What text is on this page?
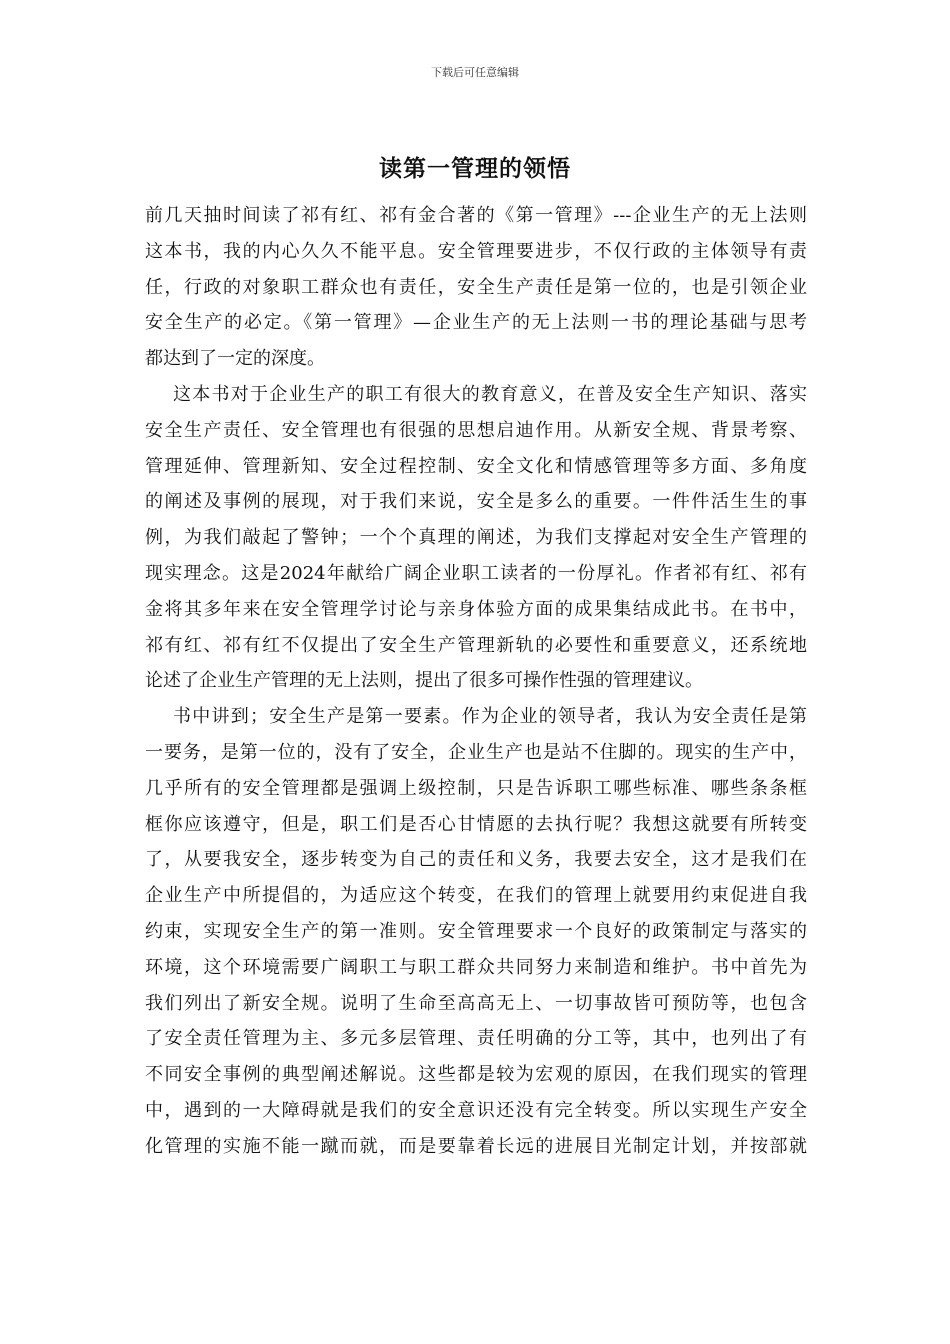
下载后可任意编辑
读第一管理的领悟
前几天抽时间读了祁有红、祁有金合著的《第一管理》---企业生产的无上法则
这本书，我的内心久久不能平息。安全管理要进步，不仅行政的主体领导有责
任，行政的对象职工群众也有责任，安全生产责任是第一位的，也是引领企业
安全生产的必定。《第一管理》—企业生产的无上法则一书的理论基础与思考
都达到了一定的深度。
这本书对于企业生产的职工有很大的教育意义，在普及安全生产知识、落实
安全生产责任、安全管理也有很强的思想启迪作用。从新安全规、背景考察、
管理延伸、管理新知、安全过程控制、安全文化和情感管理等多方面、多角度
的阐述及事例的展现，对于我们来说，安全是多么的重要。一件件活生生的事
例，为我们敲起了警钟；一个个真理的阐述，为我们支撑起对安全生产管理的
现实理念。这是2024年献给广阔企业职工读者的一份厚礼。作者祁有红、祁有
金将其多年来在安全管理学讨论与亲身体验方面的成果集结成此书。在书中，
祁有红、祁有红不仅提出了安全生产管理新轨的必要性和重要意义，还系统地
论述了企业生产管理的无上法则，提出了很多可操作性强的管理建议。
书中讲到；安全生产是第一要素。作为企业的领导者，我认为安全责任是第
一要务，是第一位的，没有了安全，企业生产也是站不住脚的。现实的生产中，
几乎所有的安全管理都是强调上级控制，只是告诉职工哪些标准、哪些条条框
框你应该遵守，但是，职工们是否心甘情愿的去执行呢？我想这就要有所转变
了，从要我安全，逐步转变为自己的责任和义务，我要去安全，这才是我们在
企业生产中所提倡的，为适应这个转变，在我们的管理上就要用约束促进自我
约束，实现安全生产的第一准则。安全管理要求一个良好的政策制定与落实的
环境，这个环境需要广阔职工与职工群众共同努力来制造和维护。书中首先为
我们列出了新安全规。说明了生命至高高无上、一切事故皆可预防等，也包含
了安全责任管理为主、多元多层管理、责任明确的分工等，其中，也列出了有
不同安全事例的典型阐述解说。这些都是较为宏观的原因，在我们现实的管理
中，遇到的一大障碍就是我们的安全意识还没有完全转变。所以实现生产安全
化管理的实施不能一蹴而就，而是要靠着长远的进展目光制定计划，并按部就
